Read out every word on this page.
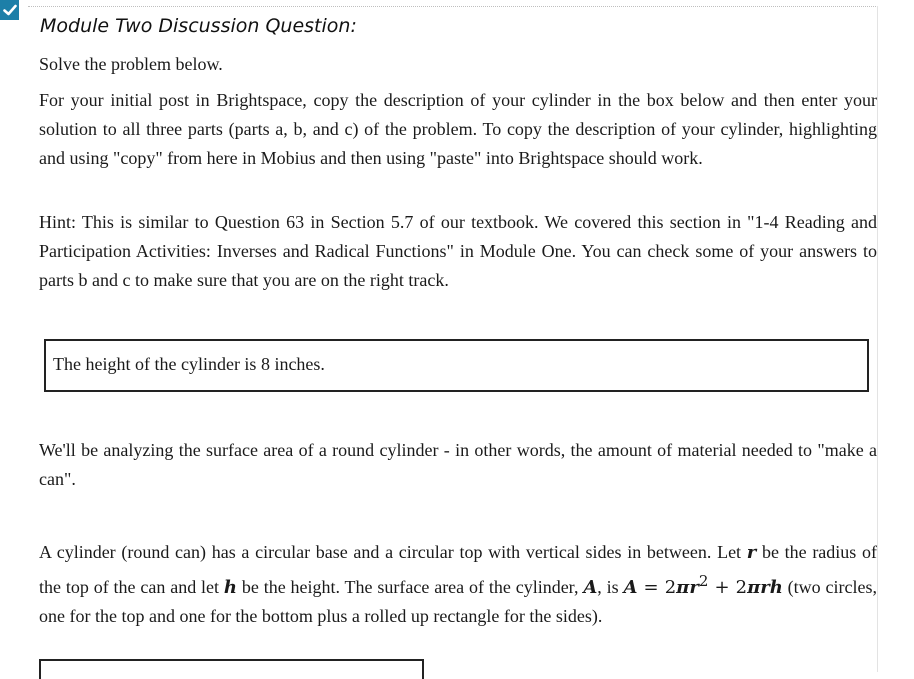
Module Two Discussion Question:

Solve the problem below.

For your initial post in Brightspace, copy the description of your cylinder in the box below and then enter your solution to all three parts (parts a, b, and c) of the problem. To copy the description of your cylinder, highlighting and using "copy" from here in Mobius and then using "paste" into Brightspace should work.

Hint: This is similar to Question 63 in Section 5.7 of our textbook. We covered this section in "1-4 Reading and Participation Activities: Inverses and Radical Functions" in Module One. You can check some of your answers to parts b and c to make sure that you are on the right track.

The height of the cylinder is 8 inches.

We'll be analyzing the surface area of a round cylinder - in other words, the amount of material needed to "make a can".

A cylinder (round can) has a circular base and a circular top with vertical sides in between. Let r be the radius of the top of the can and let h be the height. The surface area of the cylinder, A, is $A = 2\pi r^2 + 2\pi rh$ (two circles, one for the top and one for the bottom plus a rolled up rectangle for the sides).
